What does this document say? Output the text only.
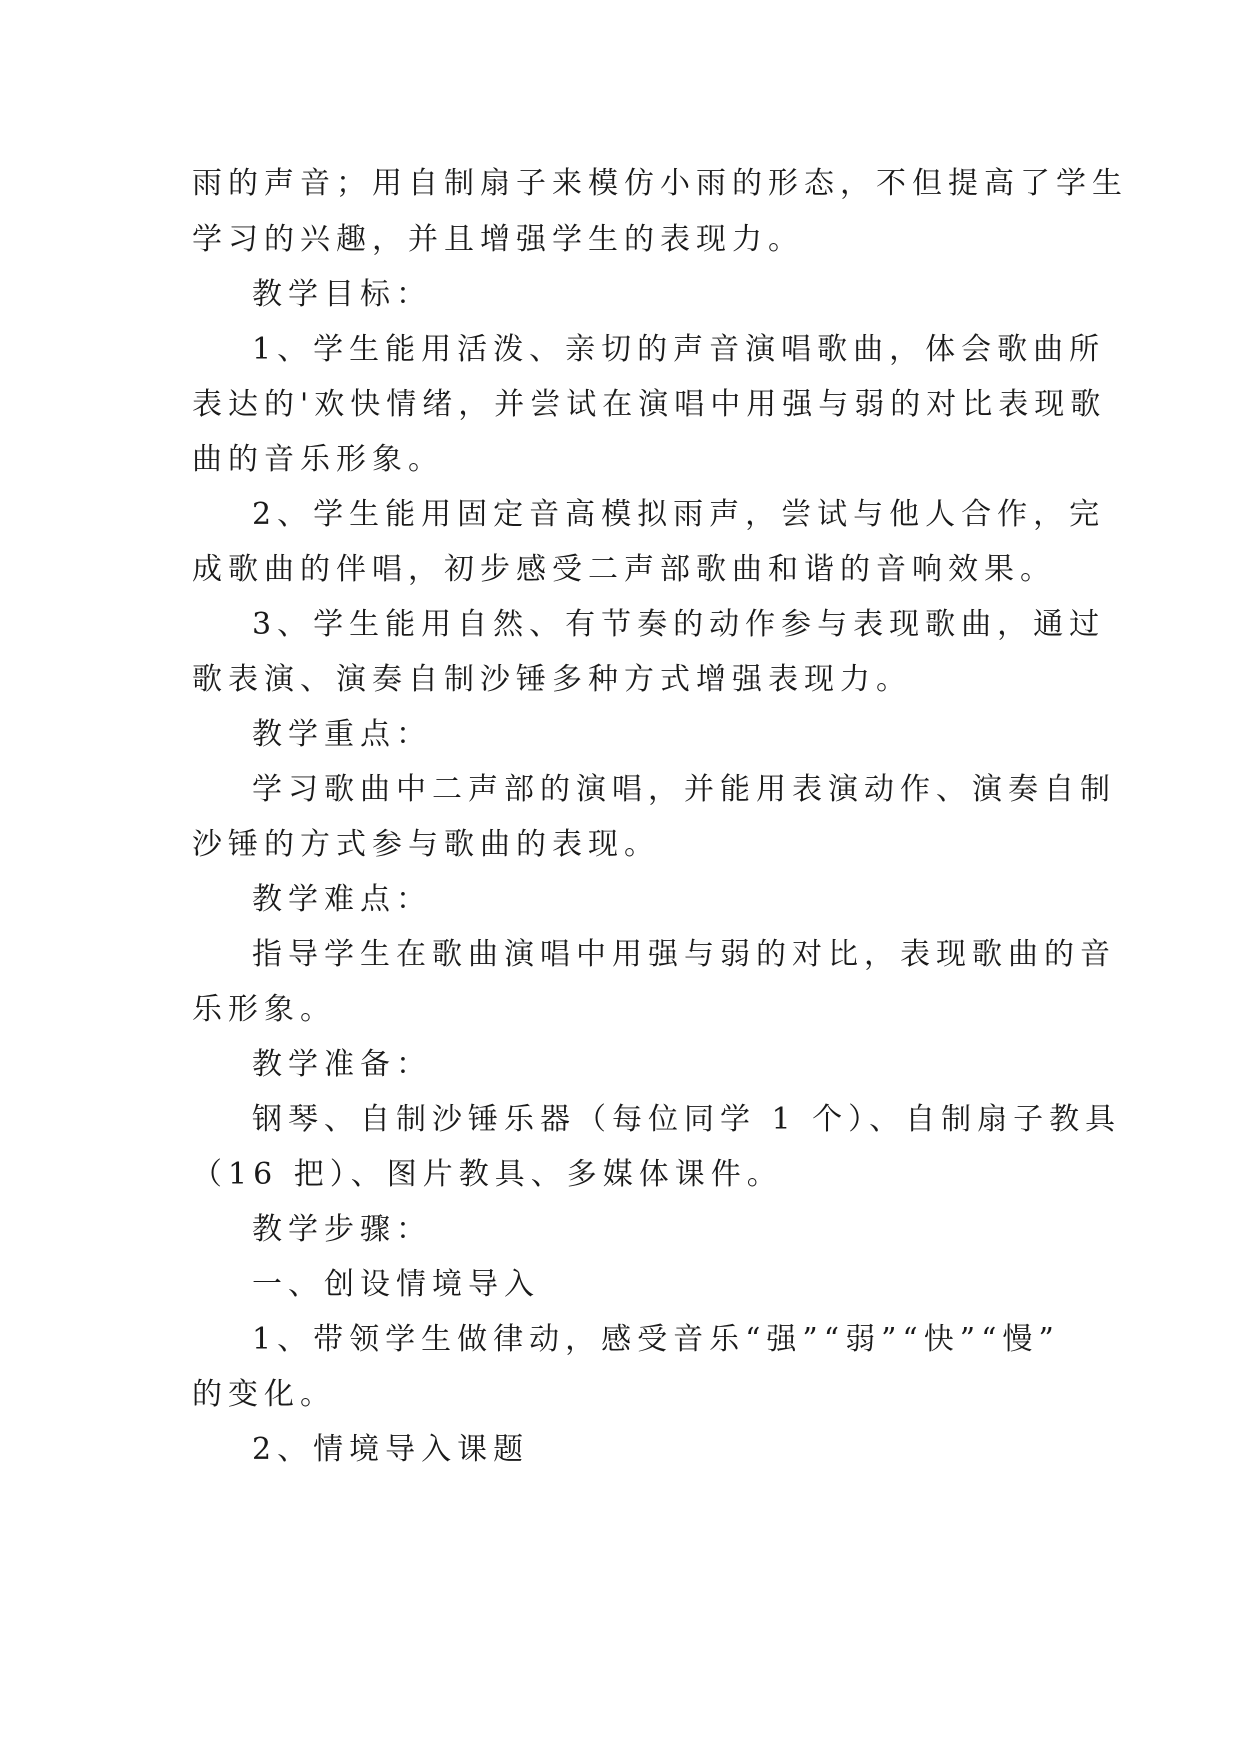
雨的声音；用自制扇子来模仿小雨的形态，不但提高了学生
学习的兴趣，并且增强学生的表现力。
教学目标：
1、学生能用活泼、亲切的声音演唱歌曲，体会歌曲所
表达的'欢快情绪，并尝试在演唱中用强与弱的对比表现歌
曲的音乐形象。
2、学生能用固定音高模拟雨声，尝试与他人合作，完
成歌曲的伴唱，初步感受二声部歌曲和谐的音响效果。
3、学生能用自然、有节奏的动作参与表现歌曲，通过
歌表演、演奏自制沙锤多种方式增强表现力。
教学重点：
学习歌曲中二声部的演唱，并能用表演动作、演奏自制
沙锤的方式参与歌曲的表现。
教学难点：
指导学生在歌曲演唱中用强与弱的对比，表现歌曲的音
乐形象。
教学准备：
钢琴、自制沙锤乐器（每位同学 1 个）、自制扇子教具
（16 把）、图片教具、多媒体课件。
教学步骤：
一、创设情境导入
1、带领学生做律动，感受音乐“强”“弱”“快”“慢”
的变化。
2、情境导入课题
